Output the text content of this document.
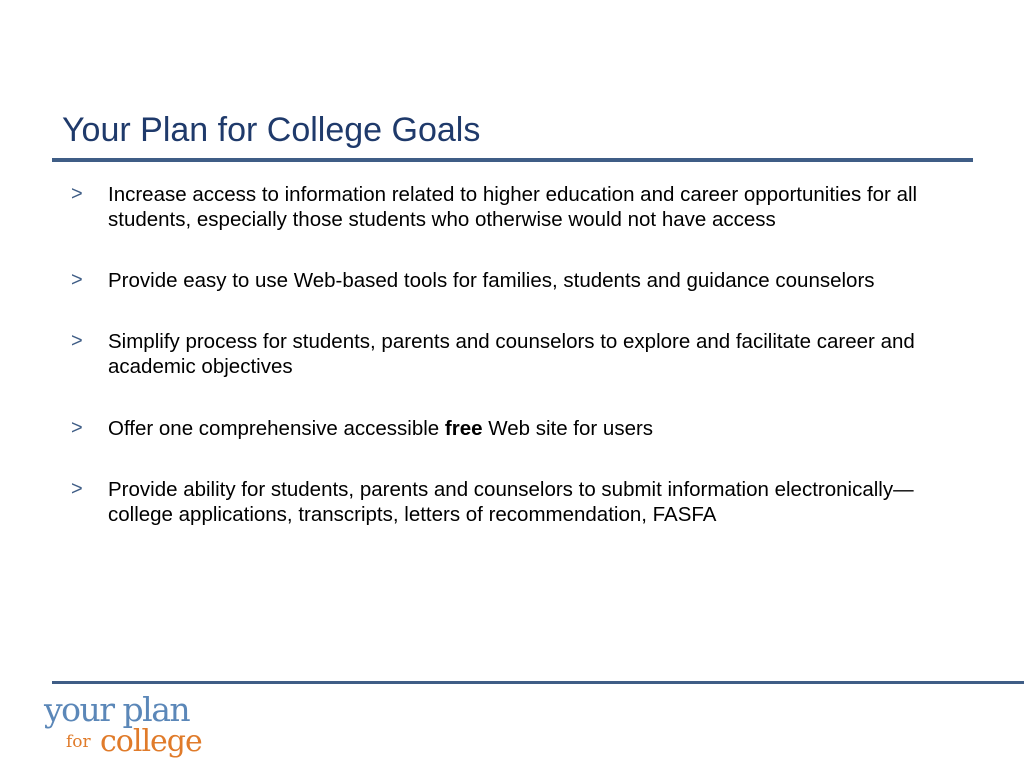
Your Plan for College Goals
> Increase access to information related to higher education and career opportunities for all students, especially those students who otherwise would not have access
> Provide easy to use Web-based tools for families, students and guidance counselors
> Simplify process for students, parents and counselors to explore and facilitate career and academic objectives
> Offer one comprehensive accessible free Web site for users
> Provide ability for students, parents and counselors to submit information electronically—college applications, transcripts, letters of recommendation, FASFA
your plan
for college
